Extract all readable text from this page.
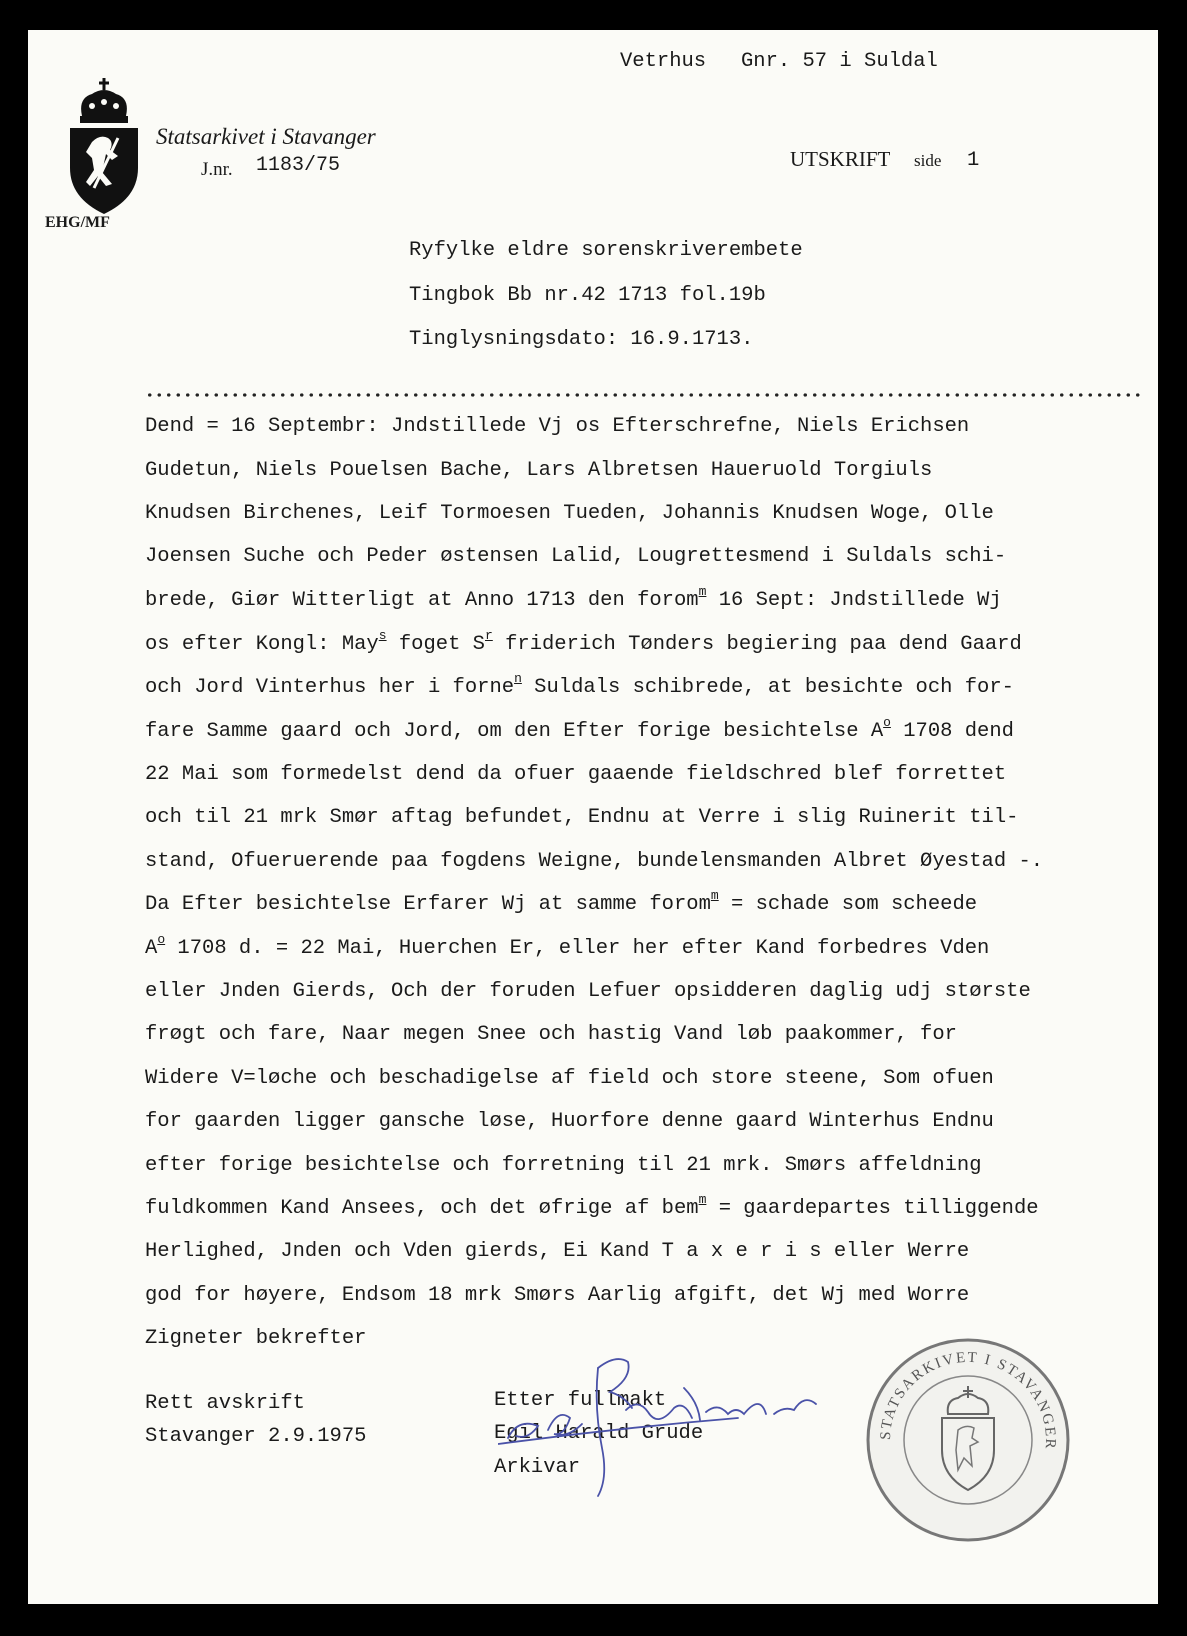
Statsarkivet i Stavanger
J.nr. 1183/75
EHG/MF
Vetrhus Gnr. 57 i Suldal
UTSKRIFT side 1
Ryfylke eldre sorenskriverembete
Tingbok Bb nr.42 1713 fol.19b
Tinglysningsdato: 16.9.1713.
Dend = 16 Septembr: Jndstillede Vj os Efterschrefne, Niels Erichsen
Gudetun, Niels Pouelsen Bache, Lars Albretsen Haueruold Torgiuls
Knudsen Birchenes, Leif Tormoesen Tueden, Johannis Knudsen Woge, Olle
Joensen Suche och Peder østensen Lalid, Lougrettesmend i Suldals schi-
brede, Giør Witterligt at Anno 1713 den forom$^m$ 16 Sept: Jndstillede Wj
os efter Kongl: May$^s$ foget $S^r$ friderich Tønders begiering paa dend Gaard
och Jord Vinterhus her i forne$^n$ Suldals schibrede, at besichte och for-
fare Samme gaard och Jord, om den Efter forige besichtelse $A^o$ 1708 dend
22 Mai som formedelst dend da ofuer gaaende fieldschred blef forrettet
och til 21 mrk Smør aftag befundet, Endnu at Verre i slig Ruinerit til-
stand, Ofueruerende paa fogdens Weigne, bundelensmanden Albret Øyestad -.
Da Efter besichtelse Erfarer Wj at samme forom$^m$ = schade som scheede
$A^o$ 1708 d. = 22 Mai, Huerchen Er, eller her efter Kand forbedres Vden
eller Jnden Gierds, Och der foruden Lefuer opsidderen daglig udj største
frøgt och fare, Naar megen Snee och hastig Vand løb paakommer, for
Widere V=løche och beschadigelse af field och store steene, Som ofuen
for gaarden ligger gansche løse, Huorfore denne gaard Winterhus Endnu
efter forige besichtelse och forretning til 21 mrk. Smørs affeldning
fuldkommen Kand Ansees, och det øfrige af bem$^m$ = gaardepartes tilliggende
Herlighed, Jnden och Vden gierds, Ei Kand T a x e r i s eller Werre
god for høyere, Endsom 18 mrk Smørs Aarlig afgift, det Wj med Worre
Zigneter bekrefter
Rett avskrift
Stavanger 2.9.1975
Etter fullmakt
Egil Harald Grude
Arkivar
STATSARKIVET I STAVANGER
